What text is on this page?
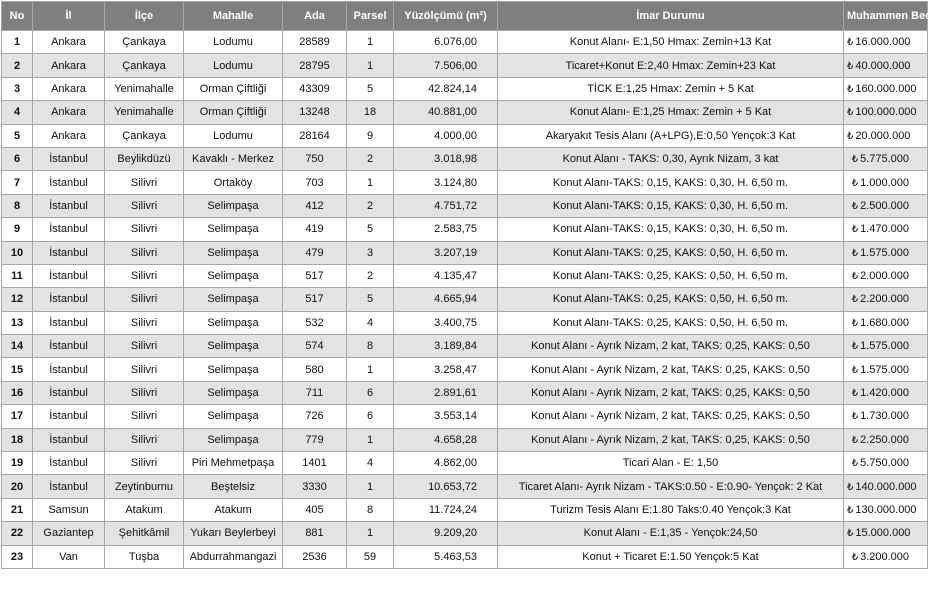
No	İl	İlçe	Mahalle	Ada	Parsel	Yüzölçümü (m²)	İmar Durumu	Muhammen Bedel
1	Ankara	Çankaya	Lodumu	28589	1	6.076,00	Konut Alanı- E:1,50 Hmax: Zemin+13 Kat	₺ 16.000.000
2	Ankara	Çankaya	Lodumu	28795	1	7.506,00	Ticaret+Konut E:2,40 Hmax: Zemin+23 Kat	₺ 40.000.000
3	Ankara	Yenimahalle	Orman Çiftliği	43309	5	42.824,14	TİCK E:1,25 Hmax: Zemin + 5 Kat	₺ 160.000.000
4	Ankara	Yenimahalle	Orman Çiftliği	13248	18	40.881,00	Konut Alanı- E:1,25 Hmax: Zemin + 5 Kat	₺ 100.000.000
5	Ankara	Çankaya	Lodumu	28164	9	4.000,00	Akaryakıt Tesis Alanı (A+LPG),E:0,50 Yençok:3 Kat	₺ 20.000.000
6	İstanbul	Beylikdüzü	Kavaklı - Merkez	750	2	3.018,98	Konut Alanı - TAKS: 0,30, Ayrık Nizam, 3 kat	₺ 5.775.000
7	İstanbul	Silivri	Ortaköy	703	1	3.124,80	Konut Alanı-TAKS: 0,15, KAKS: 0,30, H. 6,50 m.	₺ 1.000.000
8	İstanbul	Silivri	Selimpaşa	412	2	4.751,72	Konut Alanı-TAKS: 0,15, KAKS: 0,30, H. 6,50 m.	₺ 2.500.000
9	İstanbul	Silivri	Selimpaşa	419	5	2.583,75	Konut Alanı-TAKS: 0,15, KAKS: 0,30, H. 6,50 m.	₺ 1.470.000
10	İstanbul	Silivri	Selimpaşa	479	3	3.207,19	Konut Alanı-TAKS: 0,25, KAKS: 0,50, H. 6,50 m.	₺ 1.575.000
11	İstanbul	Silivri	Selimpaşa	517	2	4.135,47	Konut Alanı-TAKS: 0,25, KAKS: 0,50, H. 6,50 m.	₺ 2.000.000
12	İstanbul	Silivri	Selimpaşa	517	5	4.665,94	Konut Alanı-TAKS: 0,25, KAKS: 0,50, H. 6,50 m.	₺ 2.200.000
13	İstanbul	Silivri	Selimpaşa	532	4	3.400,75	Konut Alanı-TAKS: 0,25, KAKS: 0,50, H. 6,50 m.	₺ 1.680.000
14	İstanbul	Silivri	Selimpaşa	574	8	3.189,84	Konut Alanı - Ayrık Nizam, 2 kat, TAKS: 0,25, KAKS: 0,50	₺ 1.575.000
15	İstanbul	Silivri	Selimpaşa	580	1	3.258,47	Konut Alanı - Ayrık Nizam, 2 kat, TAKS: 0,25, KAKS: 0,50	₺ 1.575.000
16	İstanbul	Silivri	Selimpaşa	711	6	2.891,61	Konut Alanı - Ayrık Nizam, 2 kat, TAKS: 0,25, KAKS: 0,50	₺ 1.420.000
17	İstanbul	Silivri	Selimpaşa	726	6	3.553,14	Konut Alanı - Ayrık Nizam, 2 kat, TAKS: 0,25, KAKS: 0,50	₺ 1.730.000
18	İstanbul	Silivri	Selimpaşa	779	1	4.658,28	Konut Alanı - Ayrık Nizam, 2 kat, TAKS: 0,25, KAKS: 0,50	₺ 2.250.000
19	İstanbul	Silivri	Piri Mehmetpaşa	1401	4	4.862,00	Ticari Alan - E: 1,50	₺ 5.750.000
20	İstanbul	Zeytinburnu	Beştelsiz	3330	1	10.653,72	Ticaret Alanı- Ayrık Nizam - TAKS:0.50 - E:0.90- Yençok: 2 Kat	₺ 140.000.000
21	Samsun	Atakum	Atakum	405	8	11.724,24	Turizm Tesis Alanı E:1.80 Taks:0.40 Yençok:3 Kat	₺ 130.000.000
22	Gaziantep	Şehitkâmil	Yukarı Beylerbeyi	881	1	9.209,20	Konut Alanı - E:1,35 - Yençok:24,50	₺ 15.000.000
23	Van	Tuşba	Abdurrahmangazi	2536	59	5.463,53	Konut + Ticaret E:1.50 Yençok:5 Kat	₺ 3.200.000
